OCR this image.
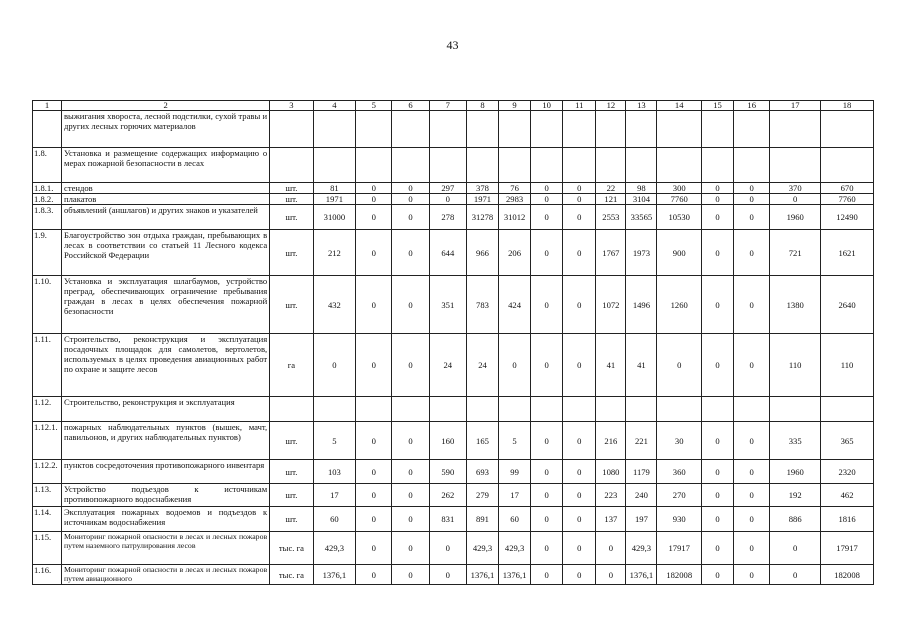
43
1	2	3	4	5	6	7	8	9	10	11	12	13	14	15	16	17	18
	выжигания хвороста, лесной подстилки, сухой травы и других лесных горючих материалов																
1.8.	Установка и размещение содержащих информацию о мерах пожарной безопасности в лесах																
1.8.1.	стендов	шт.	81	0	0	297	378	76	0	0	22	98	300	0	0	370	670
1.8.2.	плакатов	шт.	1971	0	0	0	1971	2983	0	0	121	3104	7760	0	0	0	7760
1.8.3.	объявлений (аншлагов) и других знаков и указателей	шт.	31000	0	0	278	31278	31012	0	0	2553	33565	10530	0	0	1960	12490
1.9.	Благоустройство зон отдыха граждан, пребывающих в лесах в соответствии со статьей 11 Лесного кодекса Российской Федерации	шт.	212	0	0	644	966	206	0	0	1767	1973	900	0	0	721	1621
1.10.	Установка и эксплуатация шлагбаумов, устройство преград, обеспечивающих ограничение пребывания граждан в лесах в целях обеспечения пожарной безопасности	шт.	432	0	0	351	783	424	0	0	1072	1496	1260	0	0	1380	2640
1.11.	Строительство, реконструкция и эксплуатация посадочных площадок для самолетов, вертолетов, используемых в целях проведения авиационных работ по охране и защите лесов	га	0	0	0	24	24	0	0	0	41	41	0	0	0	110	110
1.12.	Строительство, реконструкция и эксплуатация																
1.12.1.	пожарных наблюдательных пунктов (вышек, мачт, павильонов, и других наблюдательных пунктов)	шт.	5	0	0	160	165	5	0	0	216	221	30	0	0	335	365
1.12.2.	пунктов сосредоточения противопожарного инвентаря	шт.	103	0	0	590	693	99	0	0	1080	1179	360	0	0	1960	2320
1.13.	Устройство подъездов к источникам противопожарного водоснабжения	шт.	17	0	0	262	279	17	0	0	223	240	270	0	0	192	462
1.14.	Эксплуатация пожарных водоемов и подъездов к источникам водоснабжения	шт.	60	0	0	831	891	60	0	0	137	197	930	0	0	886	1816
1.15.	Мониторинг пожарной опасности в лесах и лесных пожаров путем наземного патрулирования лесов	тыс. га	429,3	0	0	0	429,3	429,3	0	0	0	429,3	17917	0	0	0	17917
1.16.	Мониторинг пожарной опасности в лесах и лесных пожаров путем авиационного	тыс. га	1376,1	0	0	0	1376,1	1376,1	0	0	0	1376,1	182008	0	0	0	182008
